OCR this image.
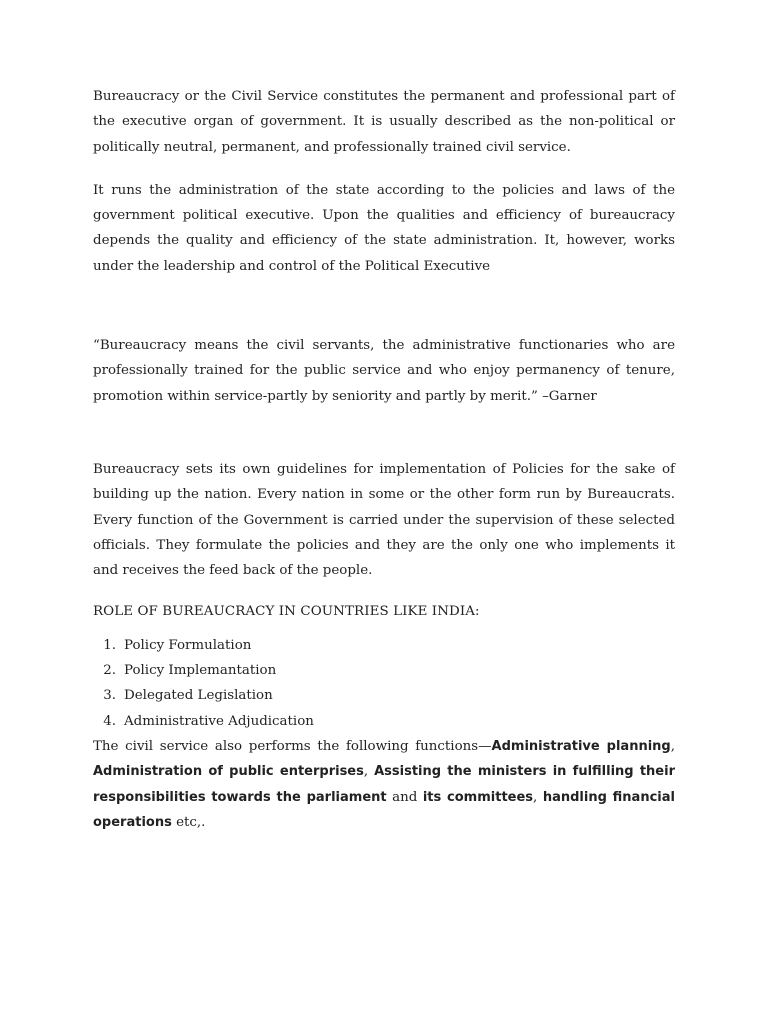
Bureaucracy or the Civil Service constitutes the permanent and professional part of the executive organ of government. It is usually described as the non-political or politically neutral, permanent, and professionally trained civil service.

It runs the administration of the state according to the policies and laws of the government political executive. Upon the qualities and efficiency of bureaucracy depends the quality and efficiency of the state administration. It, however, works under the leadership and control of the Political Executive

“Bureaucracy means the civil servants, the administrative functionaries who are professionally trained for the public service and who enjoy permanency of tenure, promotion within service-partly by seniority and partly by merit.” –Garner

Bureaucracy sets its own guidelines for implementation of Policies for the sake of building up the nation. Every nation in some or the other form run by Bureaucrats. Every function of the Government is carried under the supervision of these selected officials. They formulate the policies and they are the only one who implements it and receives the feed back of the people.

ROLE OF BUREAUCRACY IN COUNTRIES LIKE INDIA:
1. Policy Formulation
2. Policy Implemantation
3. Delegated Legislation
4. Administrative Adjudication

The civil service also performs the following functions—Administrative planning, Administration of public enterprises, Assisting the ministers in fulfilling their responsibilities towards the parliament and its committees, handling financial operations etc,.
